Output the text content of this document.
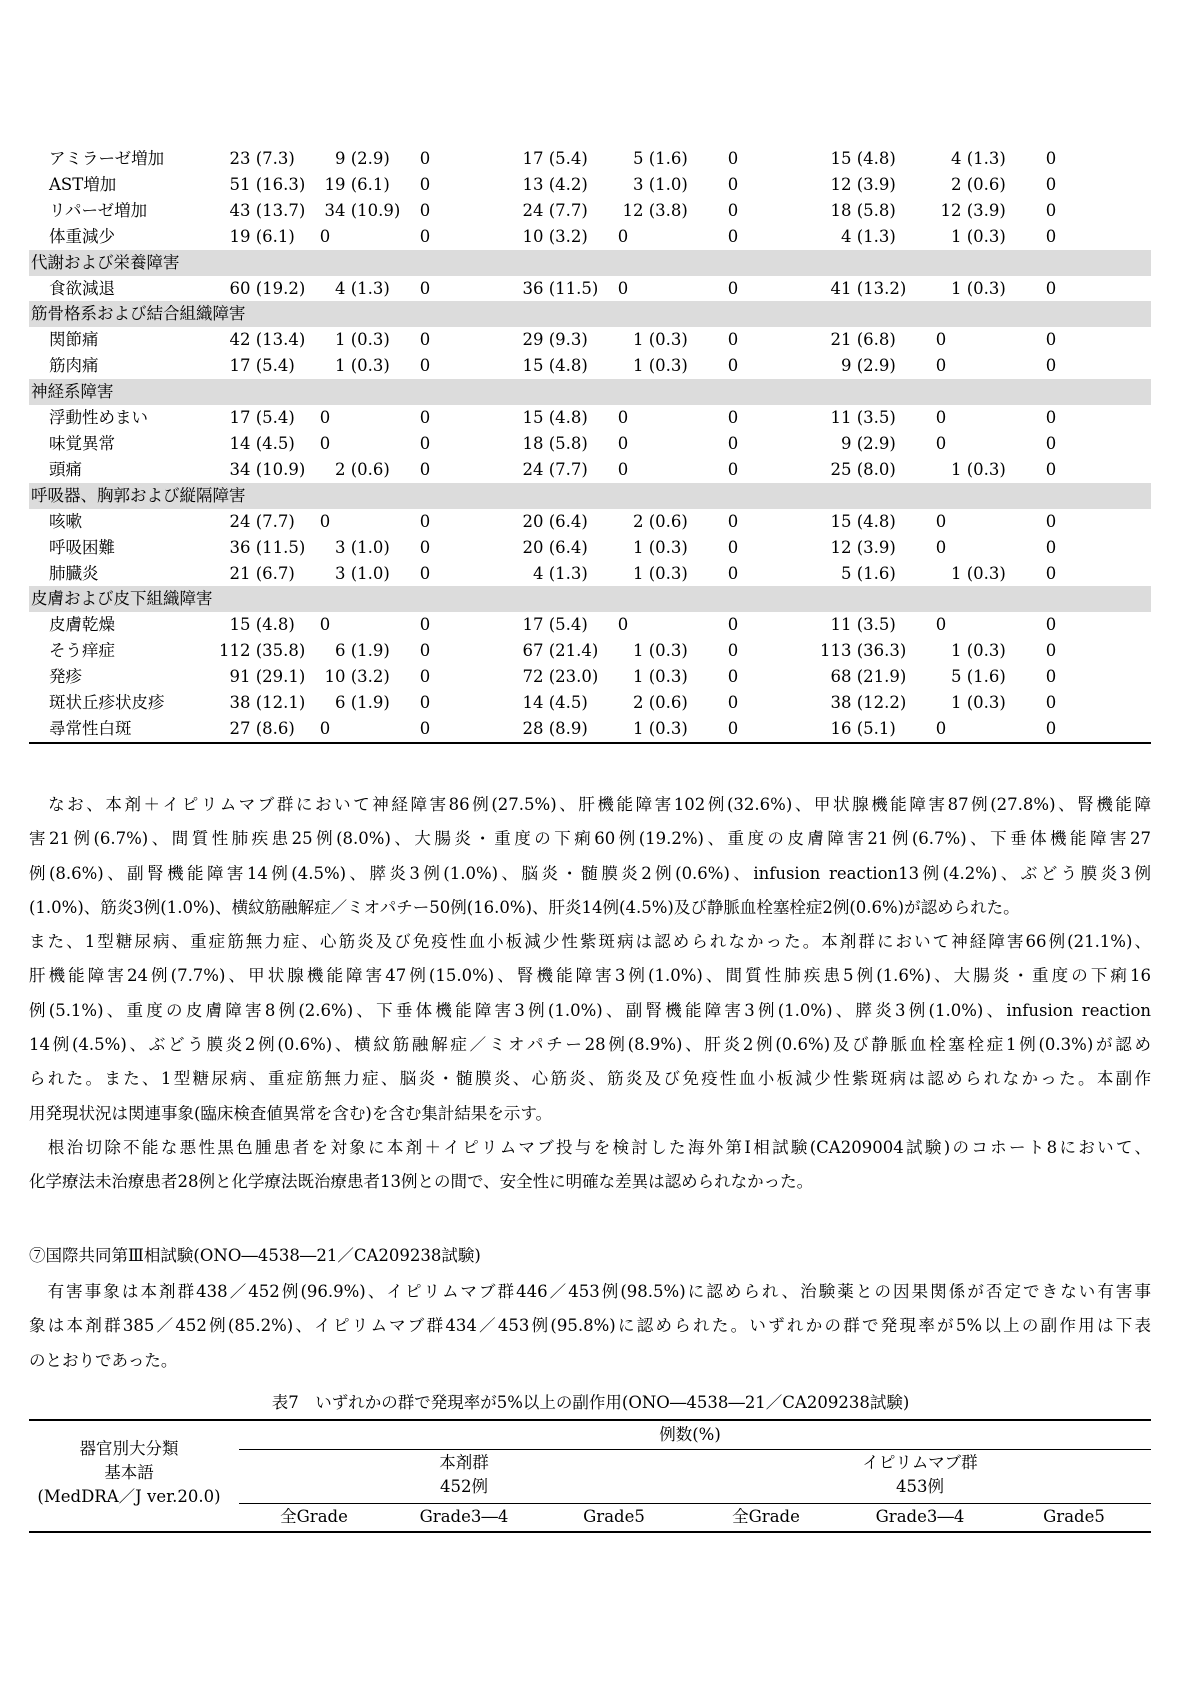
アミラーゼ増加	 23 (7.3)	  9 (2.9)	0	 17 (5.4)	  5 (1.6)	0	 15 (4.8)	  4 (1.3)	0
AST増加	 51 (16.3)	 19 (6.1)	0	 13 (4.2)	  3 (1.0)	0	 12 (3.9)	  2 (0.6)	0
リパーゼ増加	 43 (13.7)	 34 (10.9)	0	 24 (7.7)	 12 (3.8)	0	 18 (5.8)	 12 (3.9)	0
体重減少	 19 (6.1)	0	0	 10 (3.2)	0	0	  4 (1.3)	  1 (0.3)	0
代謝および栄養障害									
食欲減退	 60 (19.2)	  4 (1.3)	0	 36 (11.5)	0	0	 41 (13.2)	  1 (0.3)	0
筋骨格系および結合組織障害									
関節痛	 42 (13.4)	  1 (0.3)	0	 29 (9.3)	  1 (0.3)	0	 21 (6.8)	0	0
筋肉痛	 17 (5.4)	  1 (0.3)	0	 15 (4.8)	  1 (0.3)	0	  9 (2.9)	0	0
神経系障害									
浮動性めまい	 17 (5.4)	0	0	 15 (4.8)	0	0	 11 (3.5)	0	0
味覚異常	 14 (4.5)	0	0	 18 (5.8)	0	0	  9 (2.9)	0	0
頭痛	 34 (10.9)	  2 (0.6)	0	 24 (7.7)	0	0	 25 (8.0)	  1 (0.3)	0
呼吸器、胸郭および縦隔障害									
咳嗽	 24 (7.7)	0	0	 20 (6.4)	  2 (0.6)	0	 15 (4.8)	0	0
呼吸困難	 36 (11.5)	  3 (1.0)	0	 20 (6.4)	  1 (0.3)	0	 12 (3.9)	0	0
肺臓炎	 21 (6.7)	  3 (1.0)	0	  4 (1.3)	  1 (0.3)	0	  5 (1.6)	  1 (0.3)	0
皮膚および皮下組織障害									
皮膚乾燥	 15 (4.8)	0	0	 17 (5.4)	0	0	 11 (3.5)	0	0
そう痒症	112 (35.8)	  6 (1.9)	0	 67 (21.4)	  1 (0.3)	0	113 (36.3)	  1 (0.3)	0
発疹	 91 (29.1)	 10 (3.2)	0	 72 (23.0)	  1 (0.3)	0	 68 (21.9)	  5 (1.6)	0
斑状丘疹状皮疹	 38 (12.1)	  6 (1.9)	0	 14 (4.5)	  2 (0.6)	0	 38 (12.2)	  1 (0.3)	0
尋常性白斑	 27 (8.6)	0	0	 28 (8.9)	  1 (0.3)	0	 16 (5.1)	0	0
　なお、本剤＋イピリムマブ群において神経障害86例(27.5%)、肝機能障害102例(32.6%)、甲状腺機能障害87例(27.8%)、腎機能障
害21例(6.7%)、間質性肺疾患25例(8.0%)、大腸炎・重度の下痢60例(19.2%)、重度の皮膚障害21例(6.7%)、下垂体機能障害27
例(8.6%)、副腎機能障害14例(4.5%)、膵炎3例(1.0%)、脳炎・髄膜炎2例(0.6%)、infusion reaction13例(4.2%)、ぶどう膜炎3例
(1.0%)、筋炎3例(1.0%)、横紋筋融解症／ミオパチー50例(16.0%)、肝炎14例(4.5%)及び静脈血栓塞栓症2例(0.6%)が認められた。
また、1型糖尿病、重症筋無力症、心筋炎及び免疫性血小板減少性紫斑病は認められなかった。本剤群において神経障害66例(21.1%)、
肝機能障害24例(7.7%)、甲状腺機能障害47例(15.0%)、腎機能障害3例(1.0%)、間質性肺疾患5例(1.6%)、大腸炎・重度の下痢16
例(5.1%)、重度の皮膚障害8例(2.6%)、下垂体機能障害3例(1.0%)、副腎機能障害3例(1.0%)、膵炎3例(1.0%)、infusion reaction
14例(4.5%)、ぶどう膜炎2例(0.6%)、横紋筋融解症／ミオパチー28例(8.9%)、肝炎2例(0.6%)及び静脈血栓塞栓症1例(0.3%)が認め
られた。また、1型糖尿病、重症筋無力症、脳炎・髄膜炎、心筋炎、筋炎及び免疫性血小板減少性紫斑病は認められなかった。本副作
用発現状況は関連事象(臨床検査値異常を含む)を含む集計結果を示す。
　根治切除不能な悪性黒色腫患者を対象に本剤＋イピリムマブ投与を検討した海外第Ⅰ相試験(CA209004試験)のコホート8において、
化学療法未治療患者28例と化学療法既治療患者13例との間で、安全性に明確な差異は認められなかった。
⑦国際共同第Ⅲ相試験(ONO―4538―21／CA209238試験)
　有害事象は本剤群438／452例(96.9%)、イピリムマブ群446／453例(98.5%)に認められ、治験薬との因果関係が否定できない有害事
象は本剤群385／452例(85.2%)、イピリムマブ群434／453例(95.8%)に認められた。いずれかの群で発現率が5%以上の副作用は下表
のとおりであった。
表7　いずれかの群で発現率が5%以上の副作用(ONO―4538―21／CA209238試験)
器官別大分類
基本語
(MedDRA／J ver.20.0)
例数(%)
本剤群
452例
イピリムマブ群
453例
全Grade	Grade3―4	Grade5	全Grade	Grade3―4	Grade5
